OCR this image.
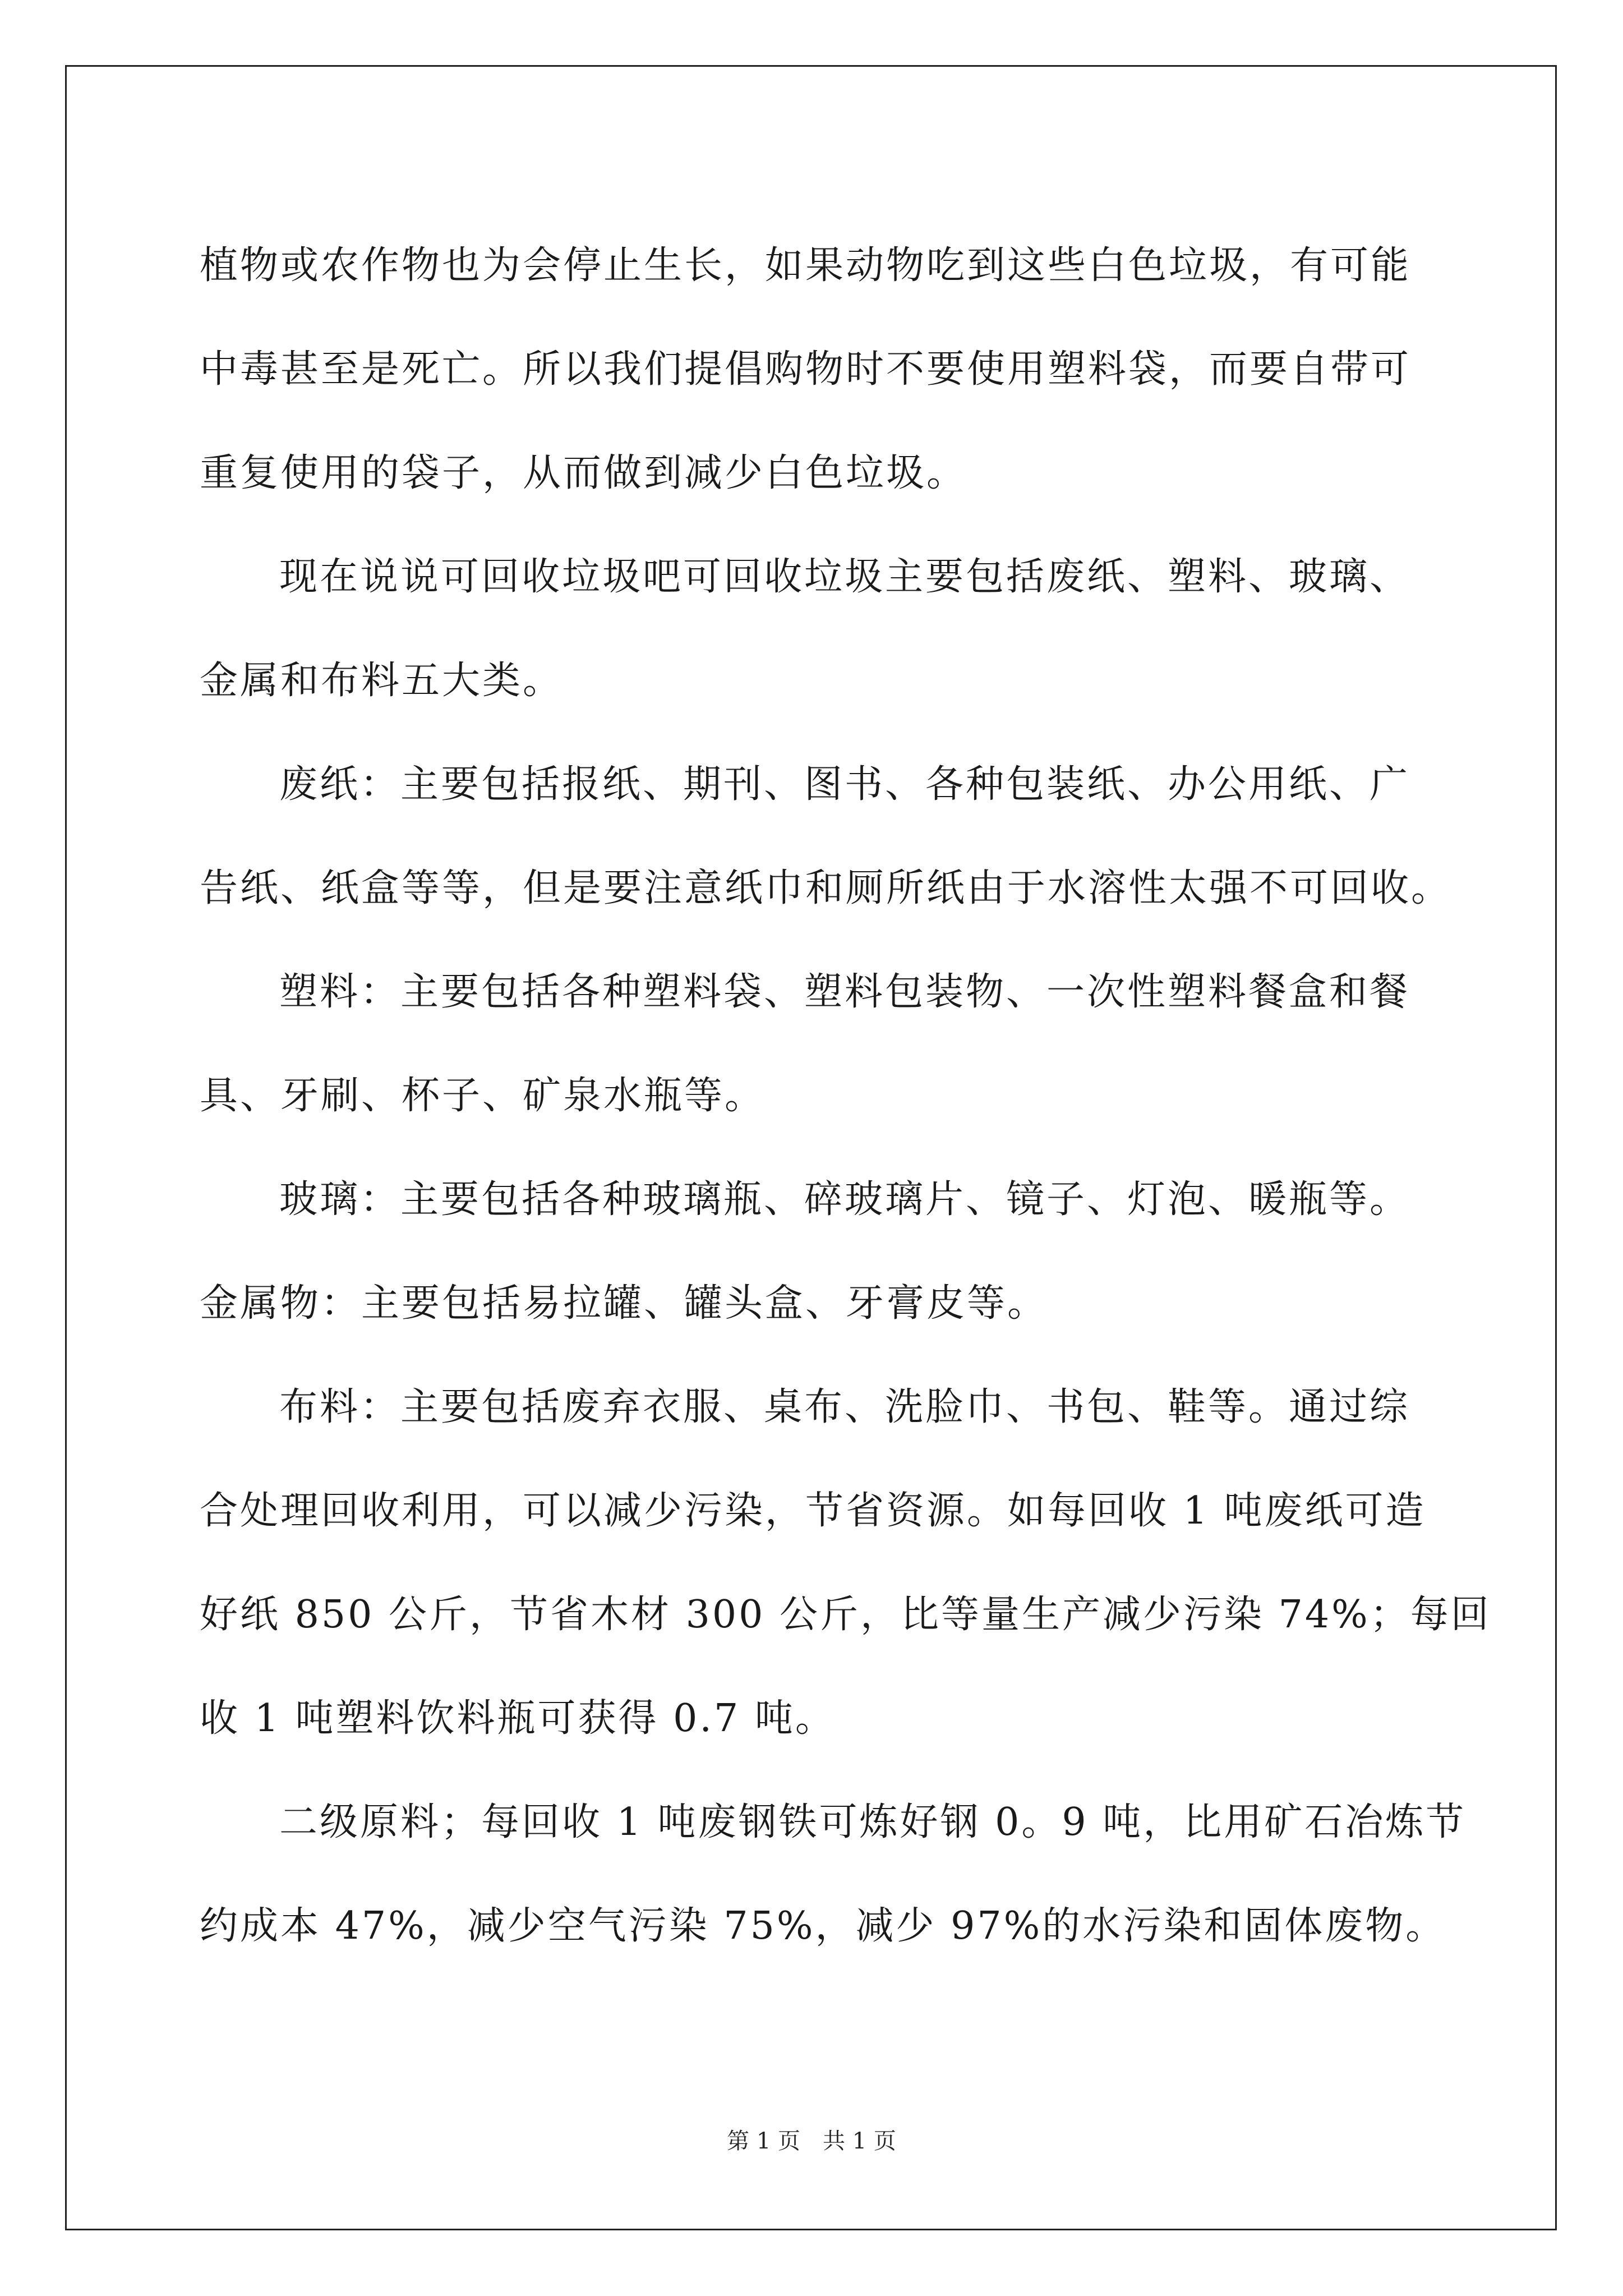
植物或农作物也为会停止生长，如果动物吃到这些白色垃圾，有可能
中毒甚至是死亡。所以我们提倡购物时不要使用塑料袋，而要自带可
重复使用的袋子，从而做到减少白色垃圾。
现在说说可回收垃圾吧可回收垃圾主要包括废纸、塑料、玻璃、
金属和布料五大类。
废纸：主要包括报纸、期刊、图书、各种包装纸、办公用纸、广
告纸、纸盒等等，但是要注意纸巾和厕所纸由于水溶性太强不可回收。
塑料：主要包括各种塑料袋、塑料包装物、一次性塑料餐盒和餐
具、牙刷、杯子、矿泉水瓶等。
玻璃：主要包括各种玻璃瓶、碎玻璃片、镜子、灯泡、暖瓶等。
金属物：主要包括易拉罐、罐头盒、牙膏皮等。
布料：主要包括废弃衣服、桌布、洗脸巾、书包、鞋等。通过综
合处理回收利用，可以减少污染，节省资源。如每回收 1 吨废纸可造
好纸 850 公斤，节省木材 300 公斤，比等量生产减少污染 74%；每回
收 1 吨塑料饮料瓶可获得 0.7 吨。
二级原料；每回收 1 吨废钢铁可炼好钢 0。9 吨，比用矿石冶炼节
约成本 47%，减少空气污染 75%，减少 97%的水污染和固体废物。
第 1 页　共 1 页
